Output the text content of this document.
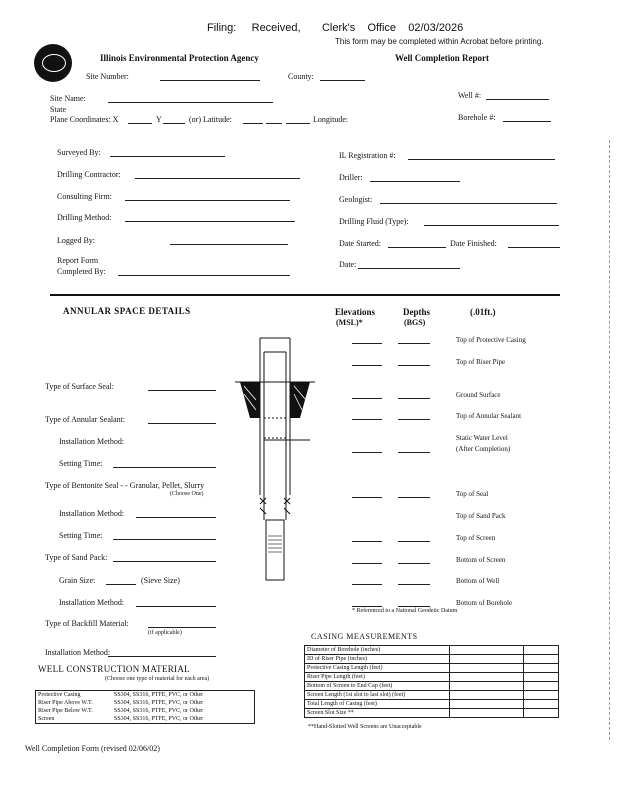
Filing: Received, Clerk's Office 02/03/2026
This form may be completed within Acrobat before printing.
Illinois Environmental Protection Agency	Well Completion Report
Site Number:	County:
Site Name:
State
Plane Coordinates: X	Y	(or) Latitude:	Longitude:
Well #:
Borehole #:
Surveyed By:	IL Registration #:
Drilling Contractor:	Driller:
Consulting Firm:	Geologist:
Drilling Method:	Drilling Fluid (Type):
Logged By:	Date Started:	Date Finished:
Report Form
Completed By:
Date:
ANNULAR SPACE DETAILS	Elevations
(MSL)*
Depths
(BGS)
(.01ft.)
Type of Surface Seal:
Type of Annular Sealant:
Installation Method:
Setting Time:
Type of Bentonite Seal - - Granular, Pellet, Slurry
(Choose One)
Installation Method:
Setting Time:
Type of Sand Pack:
Grain Size:	(Sieve Size)
Installation Method:
Type of Backfill Material:
(if applicable)
Installation Method:
Top of Protective Casing
Top of Riser Pipe
Ground Surface
Top of Annular Sealant
Static Water Level
(After Completion)
Top of Seal
Top of Sand Pack
Top of Screen
Bottom of Screen
Bottom of Well
Bottom of Borehole
* Referenced to a National Geodetic Datum
CASING MEASUREMENTS
Diameter of Borehole (inches)		
ID of Riser Pipe (inches)		
Protective Casing Length (feet)		
Riser Pipe Length (feet)		
Bottom of Screen to End Cap (feet)		
Screen Length (1st slot to last slot) (feet)		
Total Length of Casing (feet)		
Screen Slot Size **		
**Hand-Slotted Well Screens are Unacceptable
WELL CONSTRUCTION MATERIAL
(Choose one type of material for each area)
Protective Casing	SS304, SS316, PTFE, PVC, or Other
Riser Pipe Above W.T.	SS304, SS316, PTFE, PVC, or Other
Riser Pipe Below W.T.	SS304, SS316, PTFE, PVC, or Other
Screen	SS304, SS316, PTFE, PVC, or Other
Well Completion Form (revised 02/06/02)
